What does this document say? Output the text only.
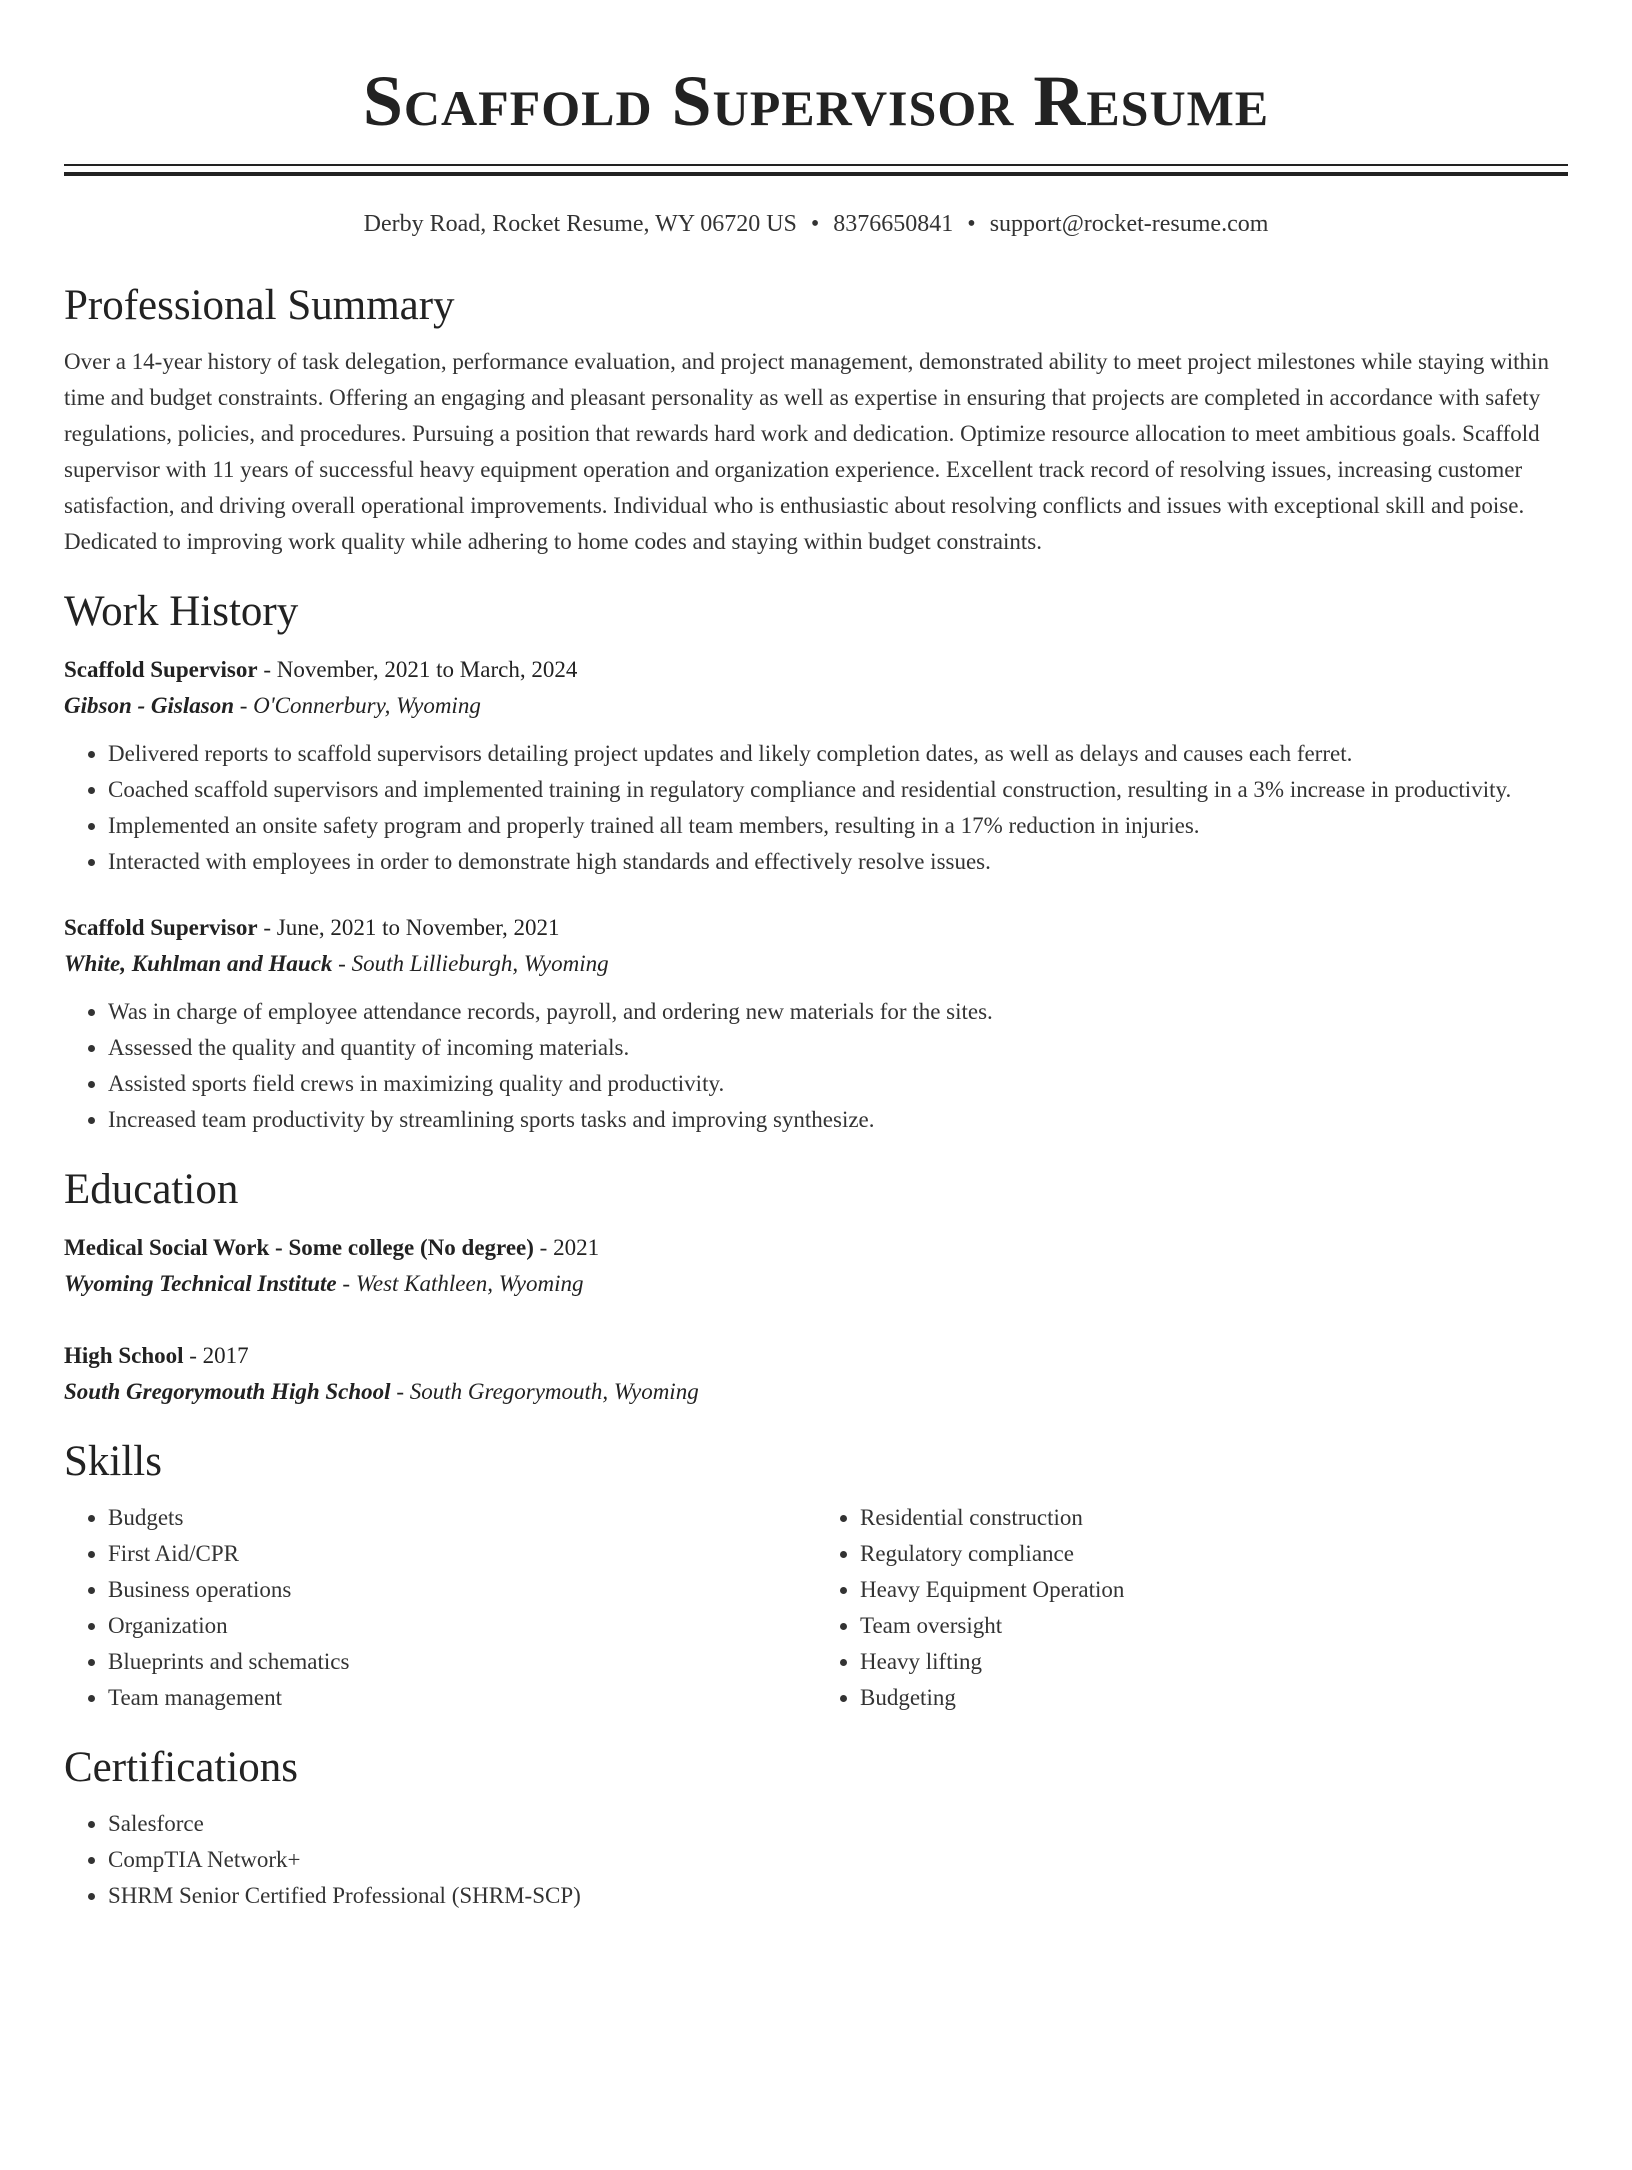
Scaffold Supervisor Resume
Derby Road, Rocket Resume, WY 06720 US • 8376650841 • support@rocket-resume.com
Professional Summary
Over a 14-year history of task delegation, performance evaluation, and project management, demonstrated ability to meet project milestones while staying within time and budget constraints. Offering an engaging and pleasant personality as well as expertise in ensuring that projects are completed in accordance with safety regulations, policies, and procedures. Pursuing a position that rewards hard work and dedication. Optimize resource allocation to meet ambitious goals. Scaffold supervisor with 11 years of successful heavy equipment operation and organization experience. Excellent track record of resolving issues, increasing customer satisfaction, and driving overall operational improvements. Individual who is enthusiastic about resolving conflicts and issues with exceptional skill and poise. Dedicated to improving work quality while adhering to home codes and staying within budget constraints.
Work History
Scaffold Supervisor - November, 2021 to March, 2024
Gibson - Gislason - O'Connerbury, Wyoming
• Delivered reports to scaffold supervisors detailing project updates and likely completion dates, as well as delays and causes each ferret.
• Coached scaffold supervisors and implemented training in regulatory compliance and residential construction, resulting in a 3% increase in productivity.
• Implemented an onsite safety program and properly trained all team members, resulting in a 17% reduction in injuries.
• Interacted with employees in order to demonstrate high standards and effectively resolve issues.
Scaffold Supervisor - June, 2021 to November, 2021
White, Kuhlman and Hauck - South Lillieburgh, Wyoming
• Was in charge of employee attendance records, payroll, and ordering new materials for the sites.
• Assessed the quality and quantity of incoming materials.
• Assisted sports field crews in maximizing quality and productivity.
• Increased team productivity by streamlining sports tasks and improving synthesize.
Education
Medical Social Work - Some college (No degree) - 2021
Wyoming Technical Institute - West Kathleen, Wyoming
High School - 2017
South Gregorymouth High School - South Gregorymouth, Wyoming
Skills
• Budgets
• First Aid/CPR
• Business operations
• Organization
• Blueprints and schematics
• Team management
• Residential construction
• Regulatory compliance
• Heavy Equipment Operation
• Team oversight
• Heavy lifting
• Budgeting
Certifications
• Salesforce
• CompTIA Network+
• SHRM Senior Certified Professional (SHRM-SCP)
